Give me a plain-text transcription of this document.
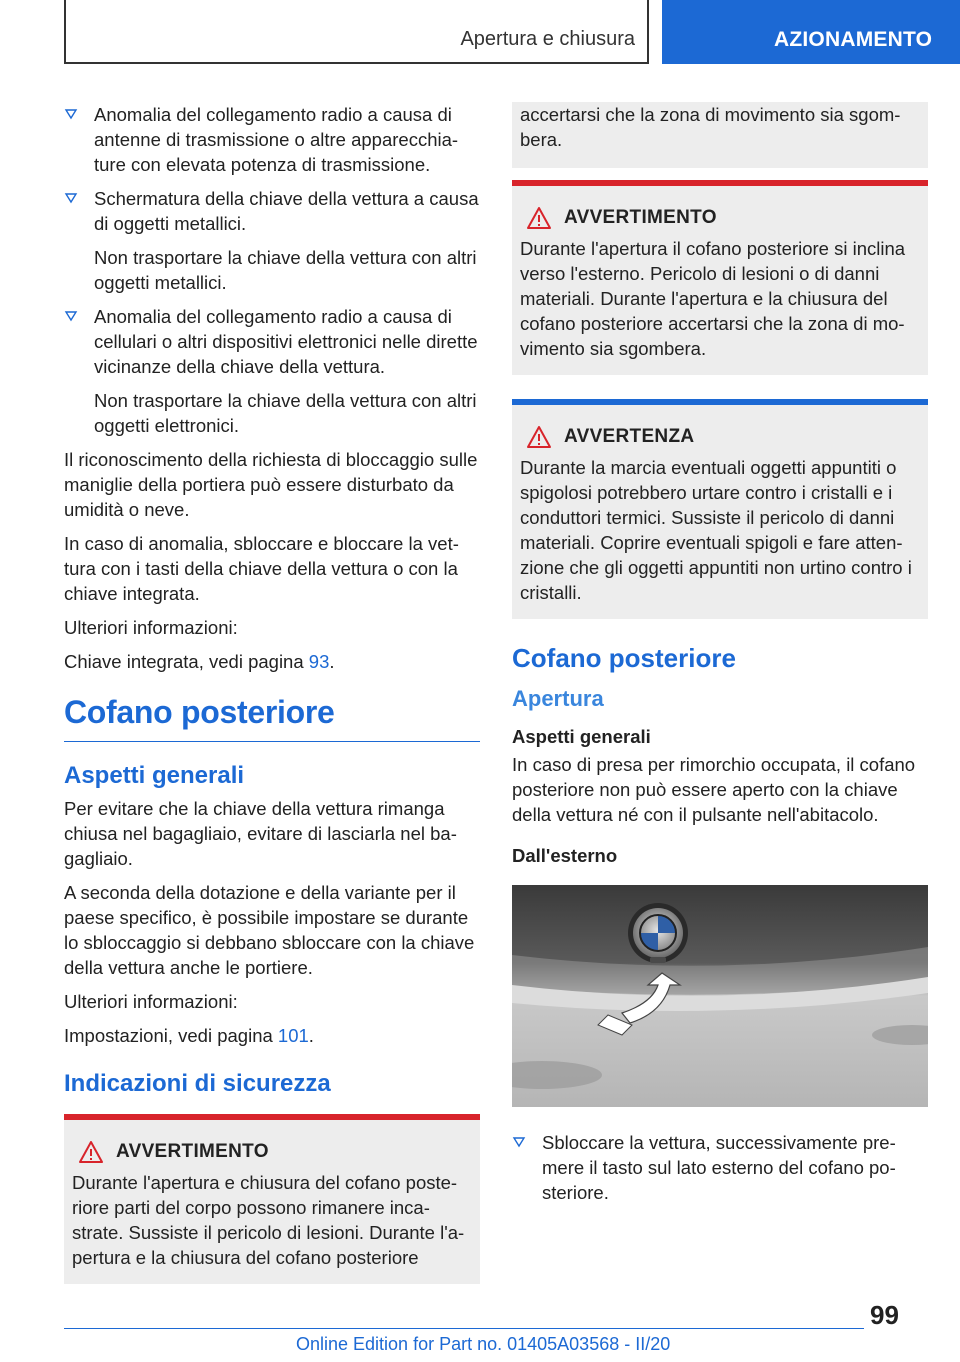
Apertura e chiusura	AZIONAMENTO
Anomalia del collegamento radio a causa di antenne di trasmissione o altre apparecchiature con elevata potenza di trasmissione.
Schermatura della chiave della vettura a causa di oggetti metallici.
Non trasportare la chiave della vettura con altri oggetti metallici.
Anomalia del collegamento radio a causa di cellulari o altri dispositivi elettronici nelle dirette vicinanze della chiave della vettura.
Non trasportare la chiave della vettura con altri oggetti elettronici.

Il riconoscimento della richiesta di bloccaggio sulle maniglie della portiera può essere disturbato da umidità o neve.

In caso di anomalia, sbloccare e bloccare la vettura con i tasti della chiave della vettura o con la chiave integrata.

Ulteriori informazioni:

Chiave integrata, vedi pagina 93.

Cofano posteriore
Aspetti generali

Per evitare che la chiave della vettura rimanga chiusa nel bagagliaio, evitare di lasciarla nel bagagliaio.

A seconda della dotazione e della variante per il paese specifico, è possibile impostare se durante lo sbloccaggio si debbano sbloccare con la chiave della vettura anche le portiere.

Ulteriori informazioni:

Impostazioni, vedi pagina 101.

Indicazioni di sicurezza
AVVERTIMENTO

Durante l'apertura e chiusura del cofano posteriore parti del corpo possono rimanere incastrate. Sussiste il pericolo di lesioni. Durante l'apertura e la chiusura del cofano posteriore

accertarsi che la zona di movimento sia sgombera.

AVVERTIMENTO

Durante l'apertura il cofano posteriore si inclina verso l'esterno. Pericolo di lesioni o di danni materiali. Durante l'apertura e la chiusura del cofano posteriore accertarsi che la zona di movimento sia sgombera.

AVVERTENZA

Durante la marcia eventuali oggetti appuntiti o spigolosi potrebbero urtare contro i cristalli e i conduttori termici. Sussiste il pericolo di danni materiali. Coprire eventuali spigoli e fare attenzione che gli oggetti appuntiti non urtino contro i cristalli.

Cofano posteriore
Apertura
Aspetti generali

In caso di presa per rimorchio occupata, il cofano posteriore non può essere aperto con la chiave della vettura né con il pulsante nell'abitacolo.

Dall'esterno
Sbloccare la vettura, successivamente premere il tasto sul lato esterno del cofano posteriore.
99
Online Edition for Part no. 01405A03568 - II/20
